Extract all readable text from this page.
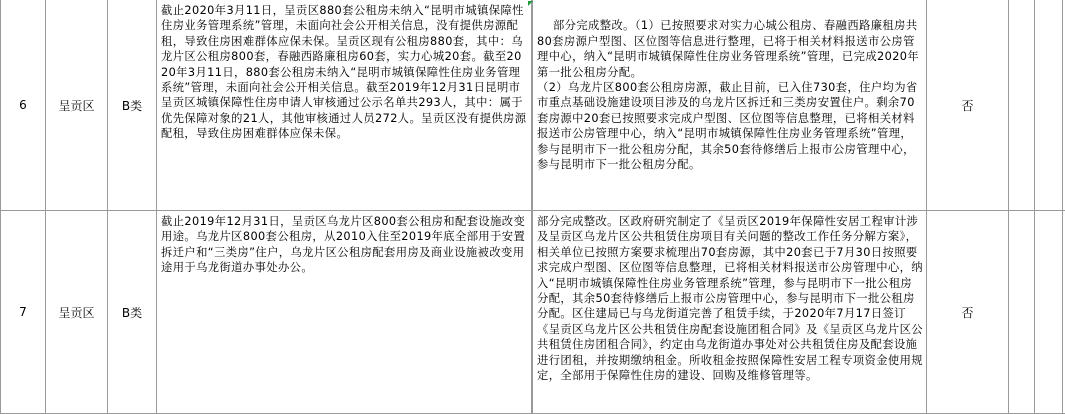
6	呈贡区 B类
截止2020年3月11日，呈贡区880套公租房未纳入“昆明市城镇保障性住房业务管理系统”管理，未面向社会公开相关信息，没有提供房源配租，导致住房困难群体应保未保。呈贡区现有公租房880套，其中：乌龙片区公租房800套，春融西路廉租房60套，实力心城20套。截至2020年3月11日，880套公租房未纳入“昆明市城镇保障性住房业务管理系统”管理，未面向社会公开相关信息。截至2019年12月31日昆明市呈贡区城镇保障性住房申请人审核通过公示名单共293人，其中：属于优先保障对象的21人，其他审核通过人员272人。呈贡区没有提供房源配租，导致住房困难群体应保未保。

部分完成整改。（1）已按照要求对实力心城公租房、春融西路廉租房共80套房源户型图、区位图等信息进行整理，已将于相关材料报送市公房管理中心，纳入“昆明市城镇保障性住房业务管理系统”管理，已完成2020年第一批公租房分配。
（2）乌龙片区800套公租房房源，截止目前，已入住730套，住户均为省市重点基础设施建设项目涉及的乌龙片区拆迁和三类房安置住户。剩余70套房源中20套已按照要求完成户型图、区位图等信息整理，已将相关材料报送市公房管理中心，纳入“昆明市城镇保障性住房业务管理系统”管理，参与昆明市下一批公租房分配，其余50套待修缮后上报市公房管理中心，参与昆明市下一批公租房分配。

否
7	呈贡区 B类
截止2019年12月31日，呈贡区乌龙片区800套公租房和配套设施改变用途。乌龙片区800套公租房，从2010入住至2019年底全部用于安置拆迁户和“三类房”住户，乌龙片区公租房配套用房及商业设施被改变用途用于乌龙街道办事处办公。
部分完成整改。区政府研究制定了《呈贡区2019年保障性安居工程审计涉及呈贡区乌龙片区公共租赁住房项目有关问题的整改工作任务分解方案》，相关单位已按照方案要求梳理出70套房源，其中20套已于7月30日按照要求完成户型图、区位图等信息整理，已将相关材料报送市公房管理中心，纳入“昆明市城镇保障性住房业务管理系统”管理，参与昆明市下一批公租房分配，其余50套待修缮后上报市公房管理中心，参与昆明市下一批公租房分配。区住建局已与乌龙街道完善了租赁手续，于2020年7月17日签订《呈贡区乌龙片区公共租赁住房配套设施团租合同》及《呈贡区乌龙片区公共租赁住房团租合同》，约定由乌龙街道办事处对公共租赁住房及配套设施进行团租，并按期缴纳租金。所收租金按照保障性安居工程专项资金使用规定，全部用于保障性住房的建设、回购及维修管理等。
否
